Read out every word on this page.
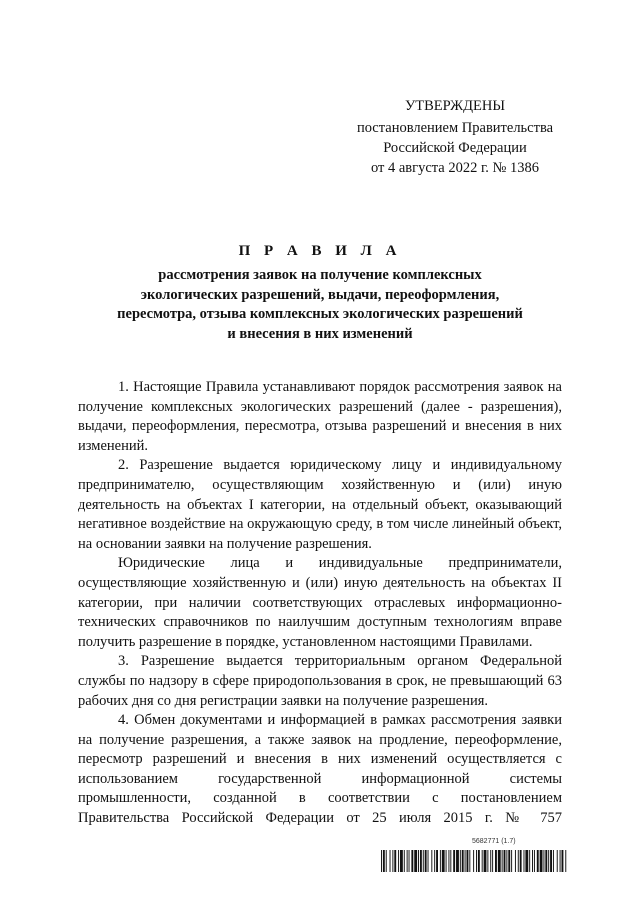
УТВЕРЖДЕНЫ
постановлением Правительства
Российской Федерации
от 4 августа 2022 г. № 1386
П Р А В И Л А
рассмотрения заявок на получение комплексных
экологических разрешений, выдачи, переоформления,
пересмотра, отзыва комплексных экологических разрешений
и внесения в них изменений

1. Настоящие Правила устанавливают порядок рассмотрения заявок на получение комплексных экологических разрешений (далее - разрешения), выдачи, переоформления, пересмотра, отзыва разрешений и внесения в них изменений.

2. Разрешение выдается юридическому лицу и индивидуальному предпринимателю, осуществляющим хозяйственную и (или) иную деятельность на объектах I категории, на отдельный объект, оказывающий негативное воздействие на окружающую среду, в том числе линейный объект, на основании заявки на получение разрешения.

Юридические лица и индивидуальные предприниматели, осуществляющие хозяйственную и (или) иную деятельность на объектах II категории, при наличии соответствующих отраслевых информационно-технических справочников по наилучшим доступным технологиям вправе получить разрешение в порядке, установленном настоящими Правилами.

3. Разрешение выдается территориальным органом Федеральной службы по надзору в сфере природопользования в срок, не превышающий 63 рабочих дня со дня регистрации заявки на получение разрешения.

4. Обмен документами и информацией в рамках рассмотрения заявки на получение разрешения, а также заявок на продление, переоформление, пересмотр разрешений и внесения в них изменений осуществляется с использованием государственной информационной системы промышленности, созданной в соответствии с постановлением Правительства Российской Федерации от 25 июля 2015 г. № 757

5682771 (1.7)
